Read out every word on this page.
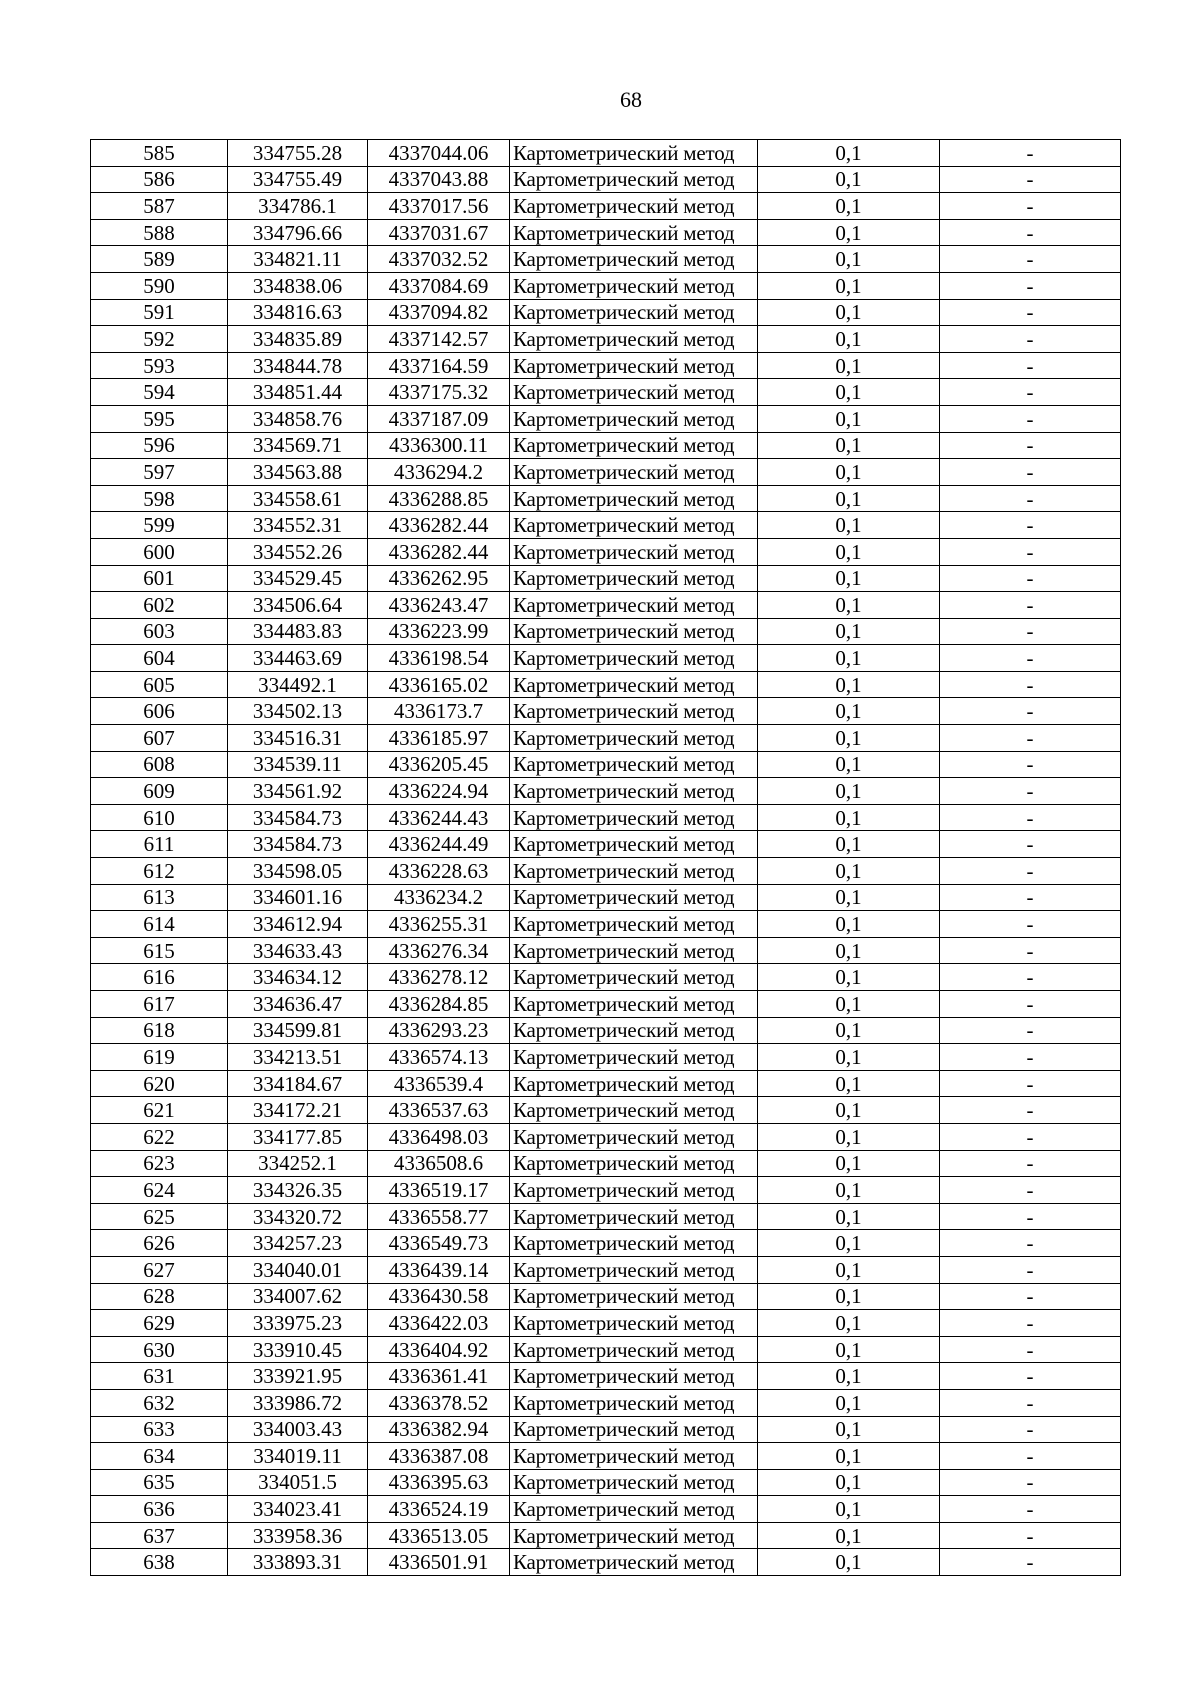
68
585	334755.28	4337044.06	Картометрический метод	0,1	-
586	334755.49	4337043.88	Картометрический метод	0,1	-
587	334786.1	4337017.56	Картометрический метод	0,1	-
588	334796.66	4337031.67	Картометрический метод	0,1	-
589	334821.11	4337032.52	Картометрический метод	0,1	-
590	334838.06	4337084.69	Картометрический метод	0,1	-
591	334816.63	4337094.82	Картометрический метод	0,1	-
592	334835.89	4337142.57	Картометрический метод	0,1	-
593	334844.78	4337164.59	Картометрический метод	0,1	-
594	334851.44	4337175.32	Картометрический метод	0,1	-
595	334858.76	4337187.09	Картометрический метод	0,1	-
596	334569.71	4336300.11	Картометрический метод	0,1	-
597	334563.88	4336294.2	Картометрический метод	0,1	-
598	334558.61	4336288.85	Картометрический метод	0,1	-
599	334552.31	4336282.44	Картометрический метод	0,1	-
600	334552.26	4336282.44	Картометрический метод	0,1	-
601	334529.45	4336262.95	Картометрический метод	0,1	-
602	334506.64	4336243.47	Картометрический метод	0,1	-
603	334483.83	4336223.99	Картометрический метод	0,1	-
604	334463.69	4336198.54	Картометрический метод	0,1	-
605	334492.1	4336165.02	Картометрический метод	0,1	-
606	334502.13	4336173.7	Картометрический метод	0,1	-
607	334516.31	4336185.97	Картометрический метод	0,1	-
608	334539.11	4336205.45	Картометрический метод	0,1	-
609	334561.92	4336224.94	Картометрический метод	0,1	-
610	334584.73	4336244.43	Картометрический метод	0,1	-
611	334584.73	4336244.49	Картометрический метод	0,1	-
612	334598.05	4336228.63	Картометрический метод	0,1	-
613	334601.16	4336234.2	Картометрический метод	0,1	-
614	334612.94	4336255.31	Картометрический метод	0,1	-
615	334633.43	4336276.34	Картометрический метод	0,1	-
616	334634.12	4336278.12	Картометрический метод	0,1	-
617	334636.47	4336284.85	Картометрический метод	0,1	-
618	334599.81	4336293.23	Картометрический метод	0,1	-
619	334213.51	4336574.13	Картометрический метод	0,1	-
620	334184.67	4336539.4	Картометрический метод	0,1	-
621	334172.21	4336537.63	Картометрический метод	0,1	-
622	334177.85	4336498.03	Картометрический метод	0,1	-
623	334252.1	4336508.6	Картометрический метод	0,1	-
624	334326.35	4336519.17	Картометрический метод	0,1	-
625	334320.72	4336558.77	Картометрический метод	0,1	-
626	334257.23	4336549.73	Картометрический метод	0,1	-
627	334040.01	4336439.14	Картометрический метод	0,1	-
628	334007.62	4336430.58	Картометрический метод	0,1	-
629	333975.23	4336422.03	Картометрический метод	0,1	-
630	333910.45	4336404.92	Картометрический метод	0,1	-
631	333921.95	4336361.41	Картометрический метод	0,1	-
632	333986.72	4336378.52	Картометрический метод	0,1	-
633	334003.43	4336382.94	Картометрический метод	0,1	-
634	334019.11	4336387.08	Картометрический метод	0,1	-
635	334051.5	4336395.63	Картометрический метод	0,1	-
636	334023.41	4336524.19	Картометрический метод	0,1	-
637	333958.36	4336513.05	Картометрический метод	0,1	-
638	333893.31	4336501.91	Картометрический метод	0,1	-
